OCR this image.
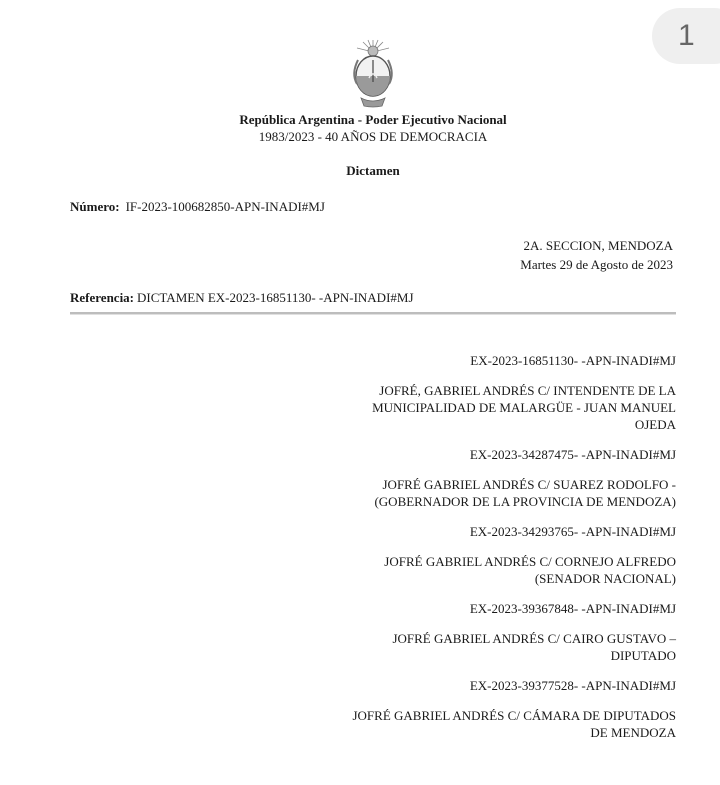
1
República Argentina - Poder Ejecutivo Nacional
1983/2023 - 40 AÑOS DE DEMOCRACIA
Dictamen
Número: IF-2023-100682850-APN-INADI#MJ
2A. SECCION, MENDOZA
Martes 29 de Agosto de 2023
Referencia: DICTAMEN EX-2023-16851130- -APN-INADI#MJ

EX-2023-16851130- -APN-INADI#MJ

JOFRÉ, GABRIEL ANDRÉS C/ INTENDENTE DE LA MUNICIPALIDAD DE MALARGÜE - JUAN MANUEL OJEDA

EX-2023-34287475- -APN-INADI#MJ

JOFRÉ GABRIEL ANDRÉS C/ SUAREZ RODOLFO - (GOBERNADOR DE LA PROVINCIA DE MENDOZA)

EX-2023-34293765- -APN-INADI#MJ

JOFRÉ GABRIEL ANDRÉS C/ CORNEJO ALFREDO (SENADOR NACIONAL)

EX-2023-39367848- -APN-INADI#MJ

JOFRÉ GABRIEL ANDRÉS C/ CAIRO GUSTAVO – DIPUTADO

EX-2023-39377528- -APN-INADI#MJ

JOFRÉ GABRIEL ANDRÉS C/ CÁMARA DE DIPUTADOS DE MENDOZA
